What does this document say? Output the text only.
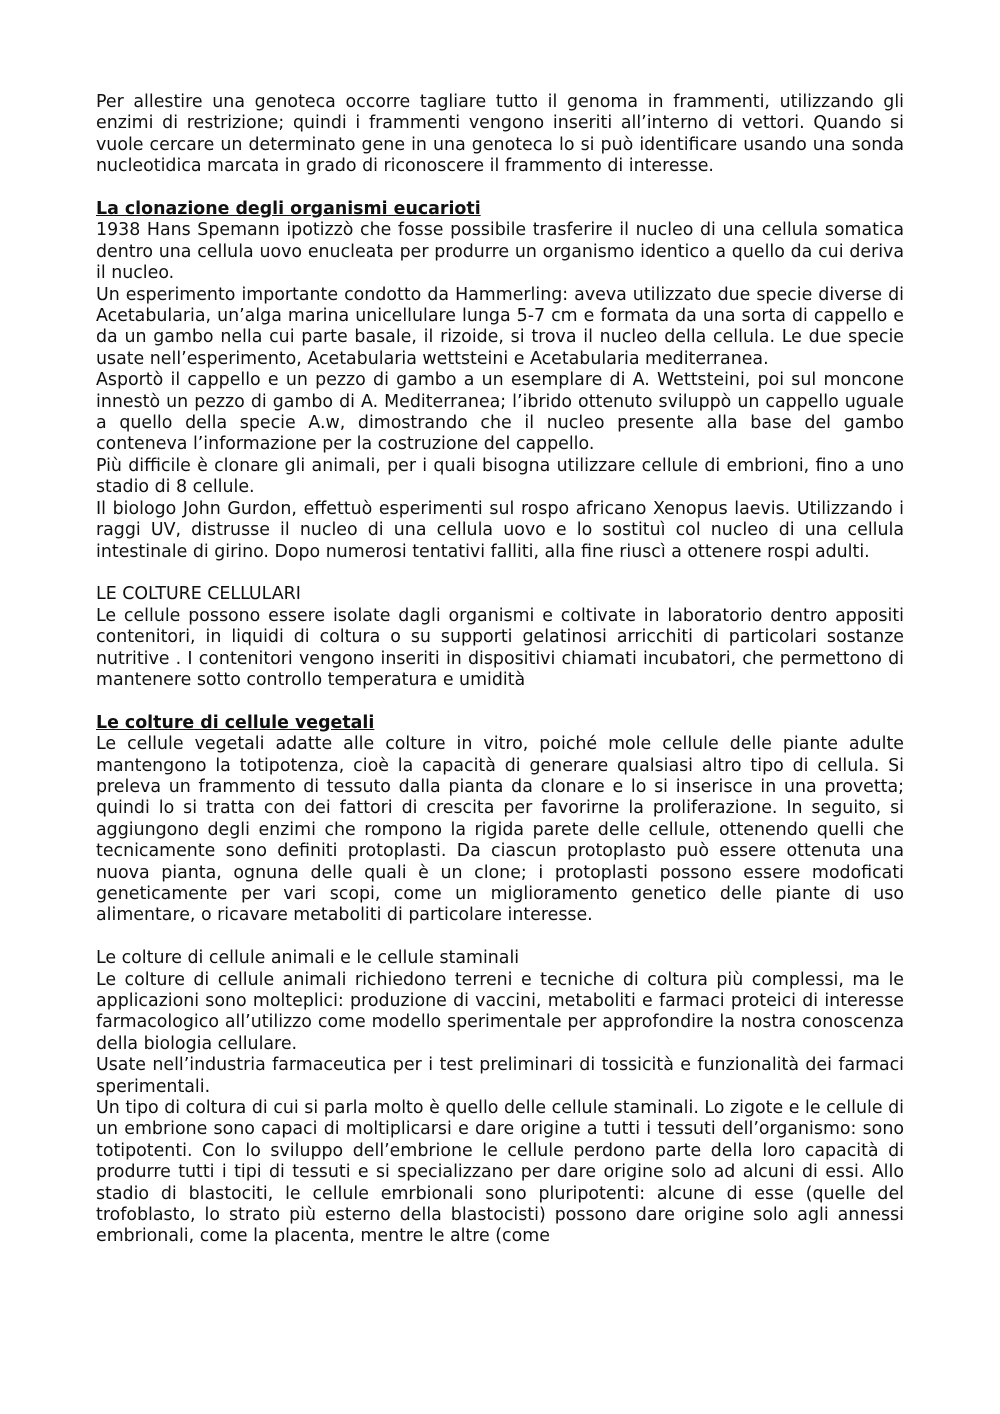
Per allestire una genoteca occorre tagliare tutto il genoma in frammenti, utilizzando gli enzimi di restrizione; quindi i frammenti vengono inseriti all’interno di vettori. Quando si vuole cercare un determinato gene in una genoteca lo si può identificare usando una sonda nucleotidica marcata in grado di riconoscere il frammento di interesse.

La clonazione degli organismi eucarioti

1938 Hans Spemann ipotizzò che fosse possibile trasferire il nucleo di una cellula somatica dentro una cellula uovo enucleata per produrre un organismo identico a quello da cui deriva il nucleo.

Un esperimento importante condotto da Hammerling: aveva utilizzato due specie diverse di Acetabularia, un’alga marina unicellulare lunga 5-7 cm e formata da una sorta di cappello e da un gambo nella cui parte basale, il rizoide, si trova il nucleo della cellula. Le due specie usate nell’esperimento, Acetabularia wettsteini e Acetabularia mediterranea.

Asportò il cappello e un pezzo di gambo a un esemplare di A. Wettsteini, poi sul moncone innestò un pezzo di gambo di A. Mediterranea; l’ibrido ottenuto sviluppò un cappello uguale a quello della specie A.w, dimostrando che il nucleo presente alla base del gambo conteneva l’informazione per la costruzione del cappello.

Più difficile è clonare gli animali, per i quali bisogna utilizzare cellule di embrioni, fino a uno stadio di 8 cellule.

Il biologo John Gurdon, effettuò esperimenti sul rospo africano Xenopus laevis. Utilizzando i raggi UV, distrusse il nucleo di una cellula uovo e lo sostituì col nucleo di una cellula intestinale di girino. Dopo numerosi tentativi falliti, alla fine riuscì a ottenere rospi adulti.

LE COLTURE CELLULARI

Le cellule possono essere isolate dagli organismi e coltivate in laboratorio dentro appositi contenitori, in liquidi di coltura o su supporti gelatinosi arricchiti di particolari sostanze nutritive . I contenitori vengono inseriti in dispositivi chiamati incubatori, che permettono di mantenere sotto controllo temperatura e umidità

Le colture di cellule vegetali

Le cellule vegetali adatte alle colture in vitro, poiché mole cellule delle piante adulte mantengono la totipotenza, cioè la capacità di generare qualsiasi altro tipo di cellula. Si preleva un frammento di tessuto dalla pianta da clonare e lo si inserisce in una provetta; quindi lo si tratta con dei fattori di crescita per favorirne la proliferazione. In seguito, si aggiungono degli enzimi che rompono la rigida parete delle cellule, ottenendo quelli che tecnicamente sono definiti protoplasti. Da ciascun protoplasto può essere ottenuta una nuova pianta, ognuna delle quali è un clone; i protoplasti possono essere modoficati geneticamente per vari scopi, come un miglioramento genetico delle piante di uso alimentare, o ricavare metaboliti di particolare interesse.

Le colture di cellule animali e le cellule staminali

Le colture di cellule animali richiedono terreni e tecniche di coltura più complessi, ma le applicazioni sono molteplici: produzione di vaccini, metaboliti e farmaci proteici di interesse farmacologico all’utilizzo come modello sperimentale per approfondire la nostra conoscenza della biologia cellulare.

Usate nell’industria farmaceutica per i test preliminari di tossicità e funzionalità dei farmaci sperimentali.

Un tipo di coltura di cui si parla molto è quello delle cellule staminali. Lo zigote e le cellule di un embrione sono capaci di moltiplicarsi e dare origine a tutti i tessuti dell’organismo: sono totipotenti. Con lo sviluppo dell’embrione le cellule perdono parte della loro capacità di produrre tutti i tipi di tessuti e si specializzano per dare origine solo ad alcuni di essi. Allo stadio di blastociti, le cellule emrbionali sono pluripotenti: alcune di esse (quelle del trofoblasto, lo strato più esterno della blastocisti) possono dare origine solo agli annessi embrionali, come la placenta, mentre le altre (come
